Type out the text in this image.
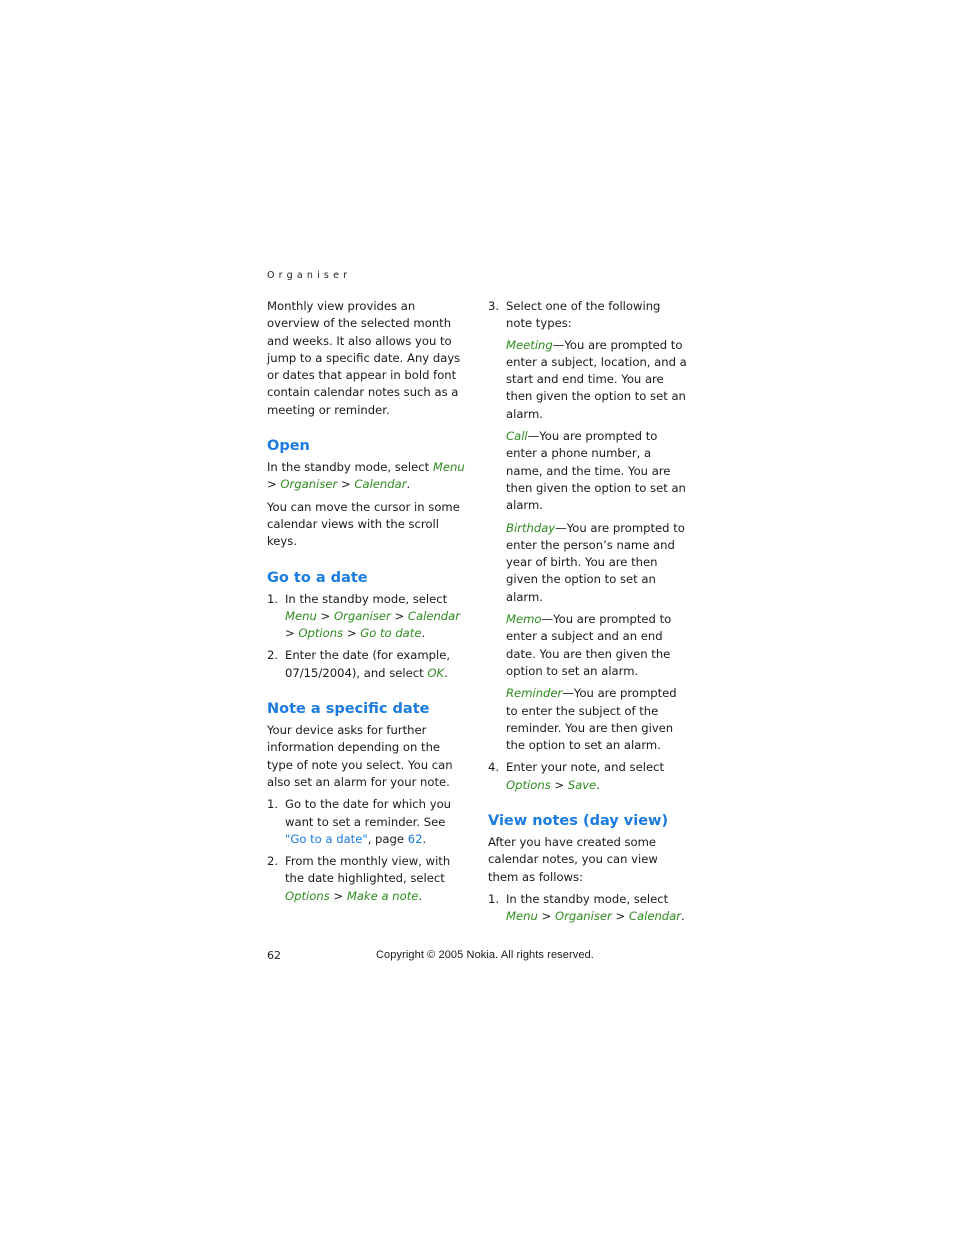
Organiser

Monthly view provides an overview of the selected month and weeks. It also allows you to jump to a specific date. Any days or dates that appear in bold font contain calendar notes such as a meeting or reminder.

Open

In the standby mode, select Menu > Organiser > Calendar.

You can move the cursor in some calendar views with the scroll keys.

Go to a date
1. In the standby mode, select Menu > Organiser > Calendar > Options > Go to date.
2. Enter the date (for example, 07/15/2004), and select OK.
Note a specific date

Your device asks for further information depending on the type of note you select. You can also set an alarm for your note.

1. Go to the date for which you want to set a reminder. See "Go to a date", page 62.
2. From the monthly view, with the date highlighted, select Options > Make a note.
3. Select one of the following note types:

Meeting—You are prompted to enter a subject, location, and a start and end time. You are then given the option to set an alarm.

Call—You are prompted to enter a phone number, a name, and the time. You are then given the option to set an alarm.

Birthday—You are prompted to enter the person’s name and year of birth. You are then given the option to set an alarm.

Memo—You are prompted to enter a subject and an end date. You are then given the option to set an alarm.

Reminder—You are prompted to enter the subject of the reminder. You are then given the option to set an alarm.

4. Enter your note, and select Options > Save.
View notes (day view)

After you have created some calendar notes, you can view them as follows:

1. In the standby mode, select Menu > Organiser > Calendar.
62	Copyright © 2005 Nokia. All rights reserved.
